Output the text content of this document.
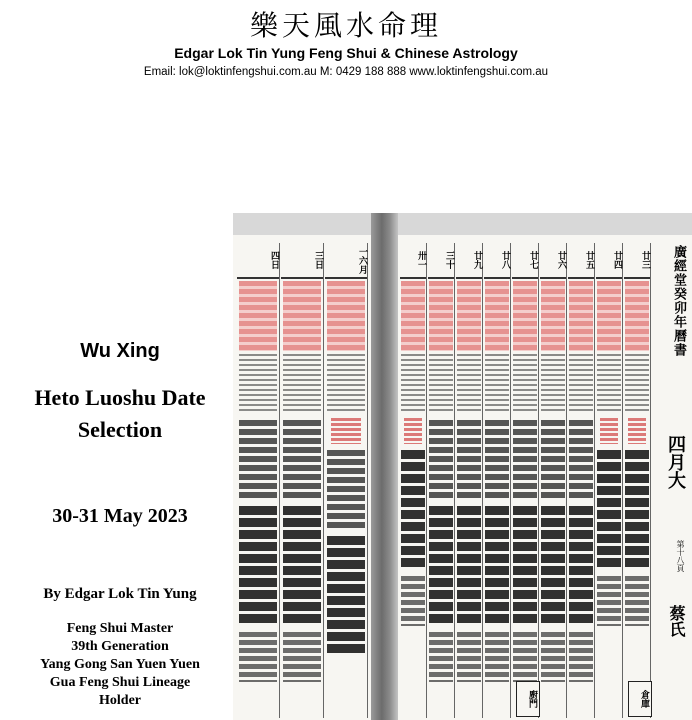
樂天風水命理
Edgar Lok Tin Yung Feng Shui & Chinese Astrology
Email: lok@loktinfengshui.com.au M: 0429 188 888 www.loktinfengshui.com.au
Wu Xing
Heto Luoshu Date
Selection
30-31 May 2023
By Edgar Lok Tin Yung
Feng Shui Master
39th Generation
Yang Gong San Yuen Yuen
Gua Feng Shui Lineage
Holder
四日	三日	一六月	卅一	三十	廿九	廿八	廿七	廿六	廿五	廿四	廿三	廣經堂癸卯年曆書
四月大
第十八頁
蔡氏
廚門	倉庫
